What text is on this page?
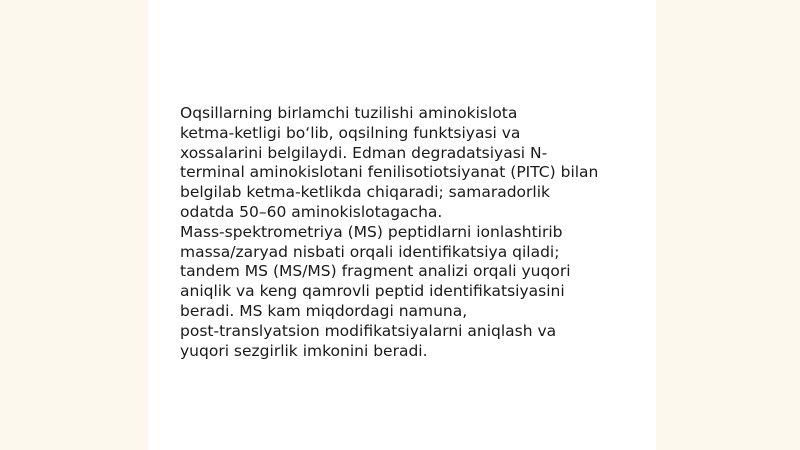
Oqsillarning birlamchi tuzilishi aminokislota
ketma-ketligi bo‘lib, oqsilning funktsiyasi va
xossalarini belgilaydi. Edman degradatsiyasi N-
terminal aminokislotani fenilisotiotsiyanat (PITC) bilan
belgilab ketma-ketlikda chiqaradi; samaradorlik
odatda 50–60 aminokislotagacha.
Mass-spektrometriya (MS) peptidlarni ionlashtirib
massa/zaryad nisbati orqali identifikatsiya qiladi;
tandem MS (MS/MS) fragment analizi orqali yuqori
aniqlik va keng qamrovli peptid identifikatsiyasini
beradi. MS kam miqdordagi namuna,
post-translyatsion modifikatsiyalarni aniqlash va
yuqori sezgirlik imkonini beradi.
